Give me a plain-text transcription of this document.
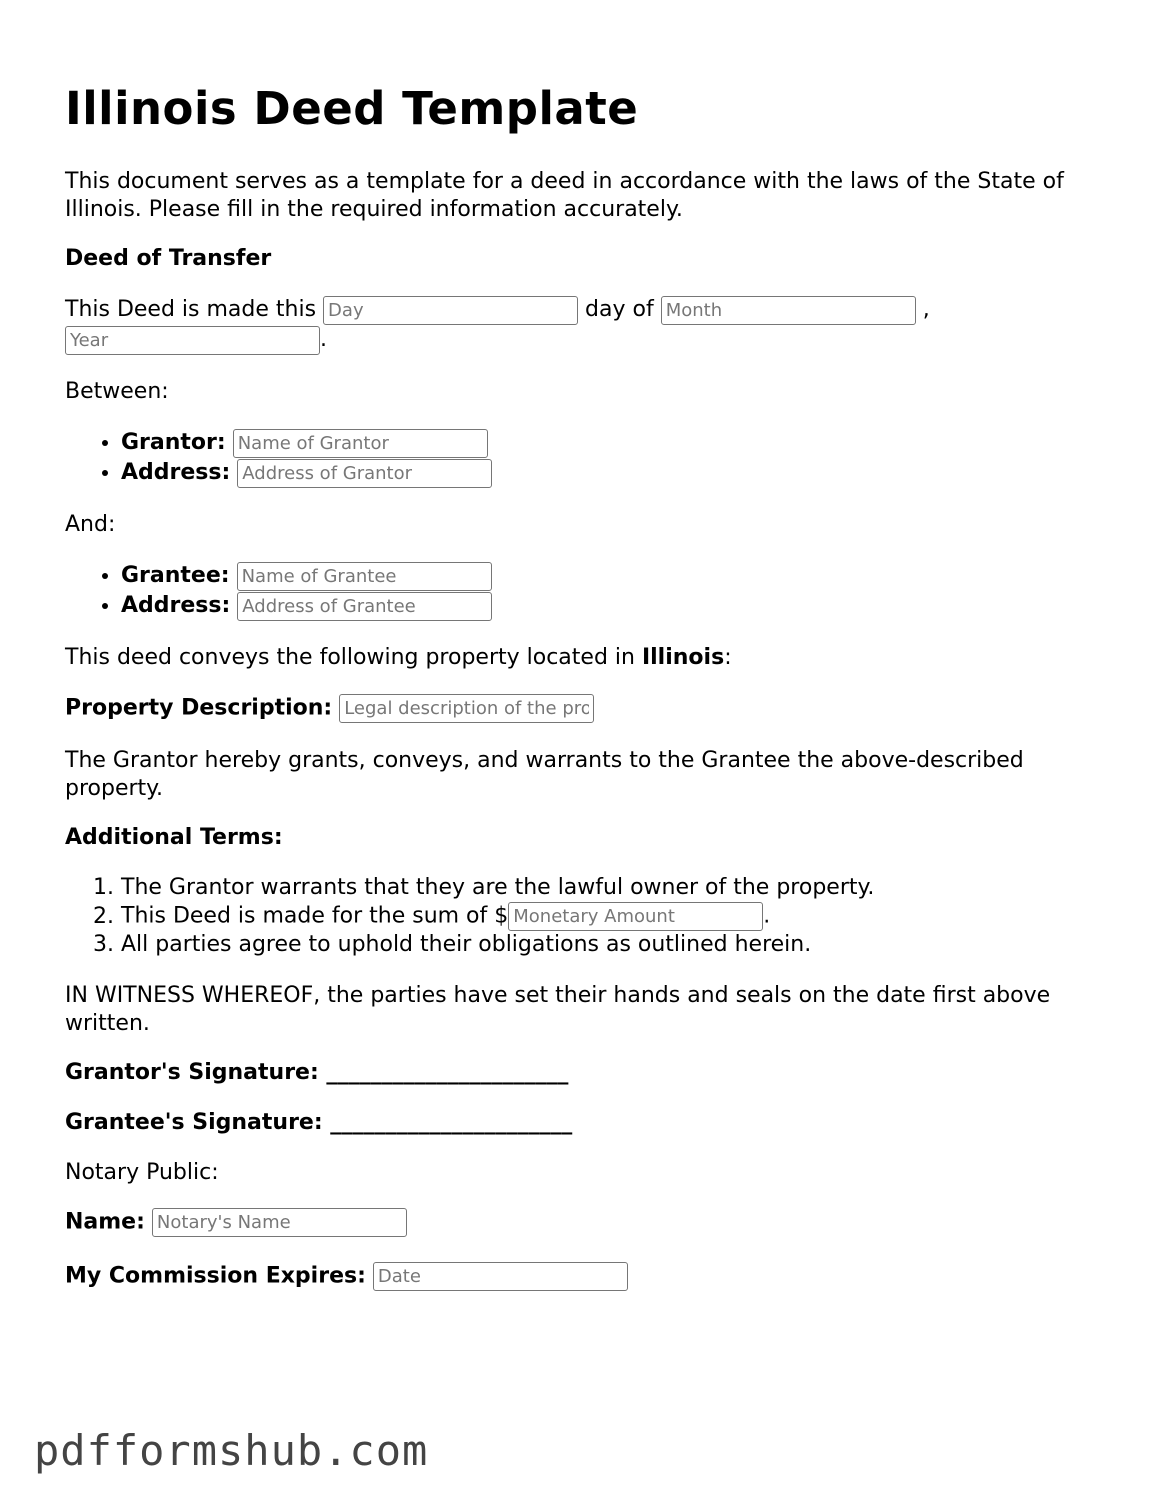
Illinois Deed Template
This document serves as a template for a deed in accordance with the laws of the State of Illinois. Please fill in the required information accurately.
Deed of Transfer
This Deed is made this Day	day of Month	,
Year.
Between:
• Grantor: Name of Grantor
• Address: Address of Grantor
And:
• Grantee: Name of Grantee
• Address: Address of Grantee
This deed conveys the following property located in Illinois:
Property Description: Legal description of the property
The Grantor hereby grants, conveys, and warrants to the Grantee the above-described property.
Additional Terms:
1. The Grantor warrants that they are the lawful owner of the property.
2. This Deed is made for the sum of $Monetary Amount	.
3. All parties agree to uphold their obligations as outlined herein.
IN WITNESS WHEREOF, the parties have set their hands and seals on the date first above written.
Grantor's Signature: ______________________
Grantee's Signature: ______________________
Notary Public:
Name: Notary's Name
My Commission Expires: Date
pdfformshub.com
